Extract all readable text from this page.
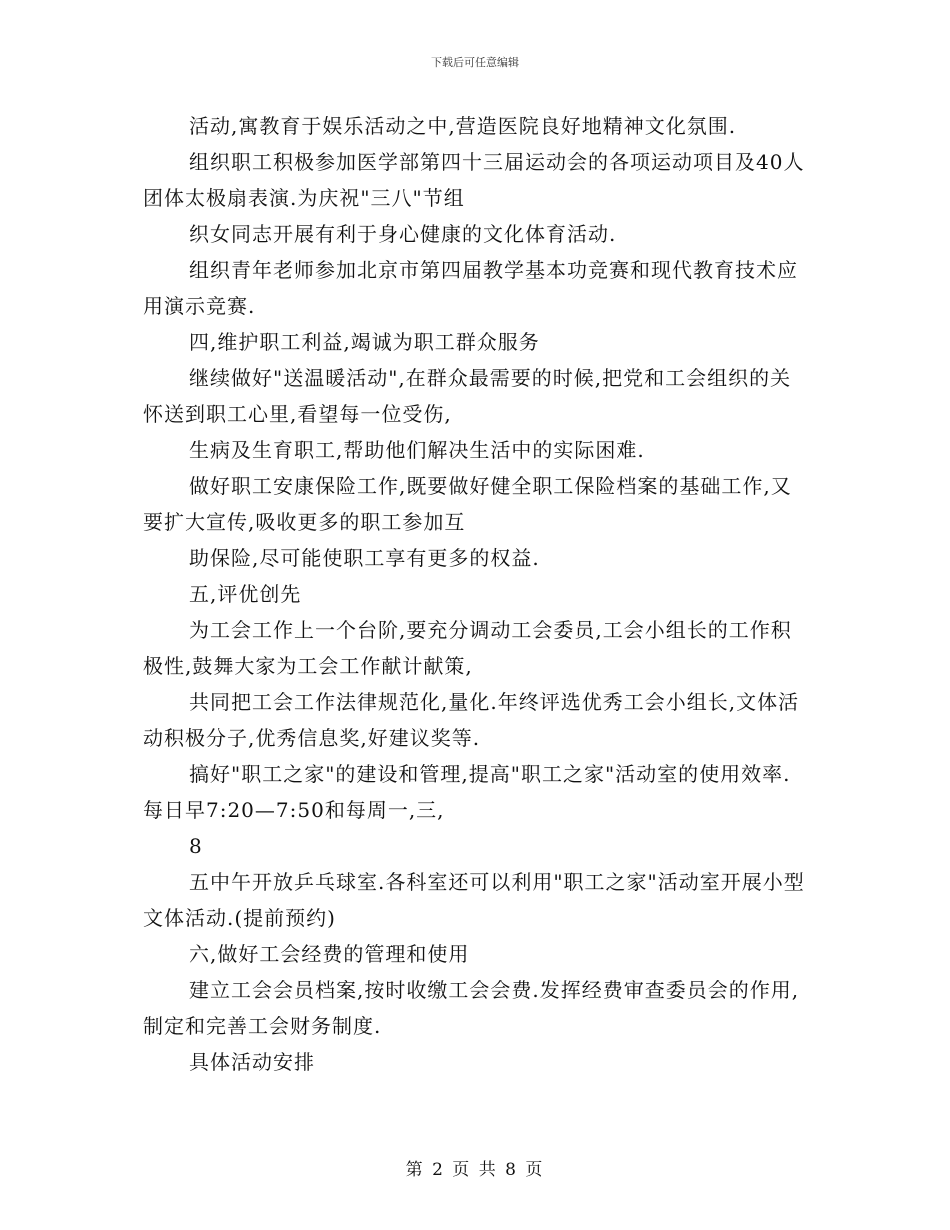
下载后可任意编辑

活动,寓教育于娱乐活动之中,营造医院良好地精神文化氛围.

组织职工积极参加医学部第四十三届运动会的各项运动项目及40人团体太极扇表演.为庆祝"三八"节组

织女同志开展有利于身心健康的文化体育活动.

组织青年老师参加北京市第四届教学基本功竞赛和现代教育技术应用演示竞赛.

四,维护职工利益,竭诚为职工群众服务

继续做好"送温暖活动",在群众最需要的时候,把党和工会组织的关怀送到职工心里,看望每一位受伤,

生病及生育职工,帮助他们解决生活中的实际困难.

做好职工安康保险工作,既要做好健全职工保险档案的基础工作,又要扩大宣传,吸收更多的职工参加互

助保险,尽可能使职工享有更多的权益.

五,评优创先

为工会工作上一个台阶,要充分调动工会委员,工会小组长的工作积极性,鼓舞大家为工会工作献计献策,

共同把工会工作法律规范化,量化.年终评选优秀工会小组长,文体活动积极分子,优秀信息奖,好建议奖等.

搞好"职工之家"的建设和管理,提高"职工之家"活动室的使用效率.每日早7:20—7:50和每周一,三,

8

五中午开放乒乓球室.各科室还可以利用"职工之家"活动室开展小型文体活动.(提前预约)

六,做好工会经费的管理和使用

建立工会会员档案,按时收缴工会会费.发挥经费审查委员会的作用,制定和完善工会财务制度.

具体活动安排

第 2 页 共 8 页
